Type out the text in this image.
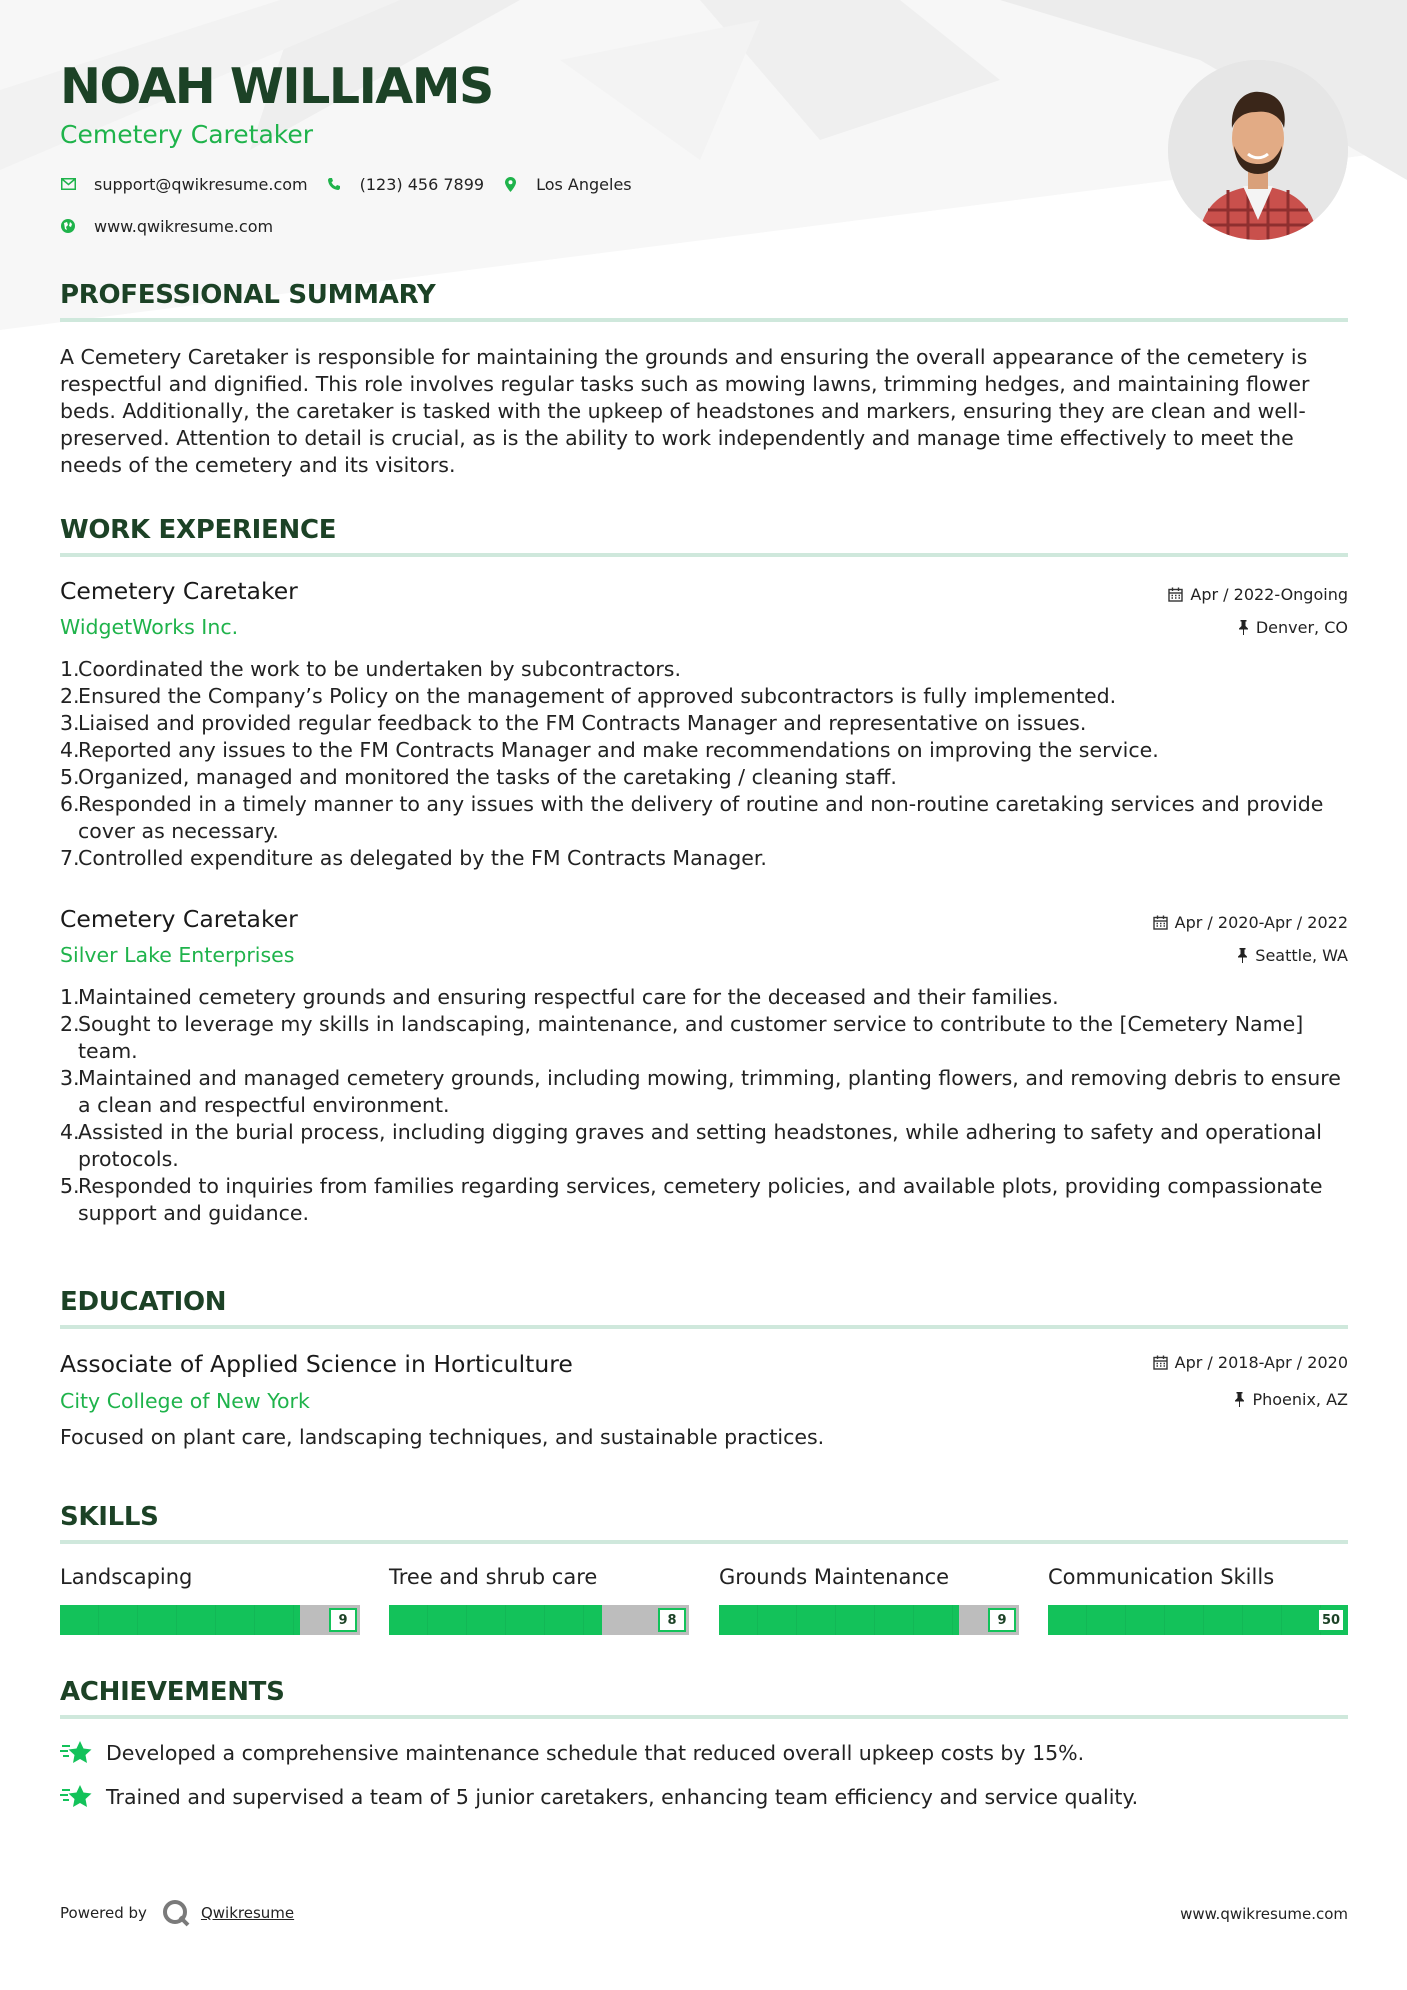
NOAH WILLIAMS
Cemetery Caretaker
support@qwikresume.com	(123) 456 7899	Los Angeles
www.qwikresume.com
PROFESSIONAL SUMMARY
A Cemetery Caretaker is responsible for maintaining the grounds and ensuring the overall appearance of the cemetery is respectful and dignified. This role involves regular tasks such as mowing lawns, trimming hedges, and maintaining flower beds. Additionally, the caretaker is tasked with the upkeep of headstones and markers, ensuring they are clean and well-preserved. Attention to detail is crucial, as is the ability to work independently and manage time effectively to meet the needs of the cemetery and its visitors.
WORK EXPERIENCE
Cemetery Caretaker
WidgetWorks Inc.
Apr / 2022-Ongoing
Denver, CO
1.
Coordinated the work to be undertaken by subcontractors.
2.
Ensured the Company’s Policy on the management of approved subcontractors is fully implemented.
3.
Liaised and provided regular feedback to the FM Contracts Manager and representative on issues.
4.
Reported any issues to the FM Contracts Manager and make recommendations on improving the service.
5.
Organized, managed and monitored the tasks of the caretaking / cleaning staff.
6.
Responded in a timely manner to any issues with the delivery of routine and non-routine caretaking services and provide cover as necessary.
7.
Controlled expenditure as delegated by the FM Contracts Manager.
Cemetery Caretaker
Silver Lake Enterprises
Apr / 2020-Apr / 2022
Seattle, WA
1.
Maintained cemetery grounds and ensuring respectful care for the deceased and their families.
2.
Sought to leverage my skills in landscaping, maintenance, and customer service to contribute to the [Cemetery Name] team.
3.
Maintained and managed cemetery grounds, including mowing, trimming, planting flowers, and removing debris to ensure a clean and respectful environment.
4.
Assisted in the burial process, including digging graves and setting headstones, while adhering to safety and operational protocols.
5.
Responded to inquiries from families regarding services, cemetery policies, and available plots, providing compassionate support and guidance.
EDUCATION
Associate of Applied Science in Horticulture
City College of New York
Apr / 2018-Apr / 2020
Phoenix, AZ
Focused on plant care, landscaping techniques, and sustainable practices.
SKILLS
Landscaping
9
Tree and shrub care
8
Grounds Maintenance
9
Communication Skills
50
ACHIEVEMENTS
Developed a comprehensive maintenance schedule that reduced overall upkeep costs by 15%.
Trained and supervised a team of 5 junior caretakers, enhancing team efficiency and service quality.
Powered by	Qwikresume	www.qwikresume.com
